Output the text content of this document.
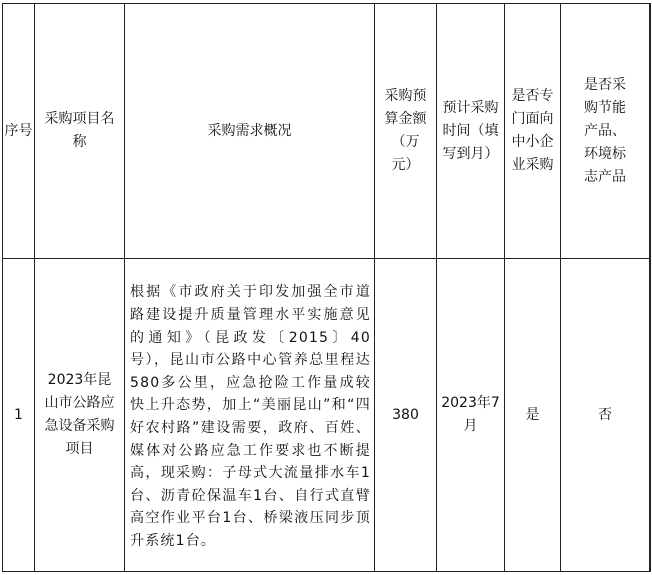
序号	采购项目名称	采购需求概况	采购预算金额（万元）	预计采购时间（填写到月）	是否专门面向中小企业采购	是否采购节能产品、环境标志产品

1	2023年昆山市公路应急设备采购项目	根据《市政府关于印发加强全市道路建设提升质量管理水平实施意见的通知》（昆政发〔2015〕40号），昆山市公路中心管养总里程达580多公里，应急抢险工作量成较快上升态势，加上“美丽昆山”和“四好农村路”建设需要，政府、百姓、媒体对公路应急工作要求也不断提高，现采购：子母式大流量排水车1台、沥青砼保温车1台、自行式直臂高空作业平台1台、桥梁液压同步顶升系统1台。	380	2023年7月	是	否	
